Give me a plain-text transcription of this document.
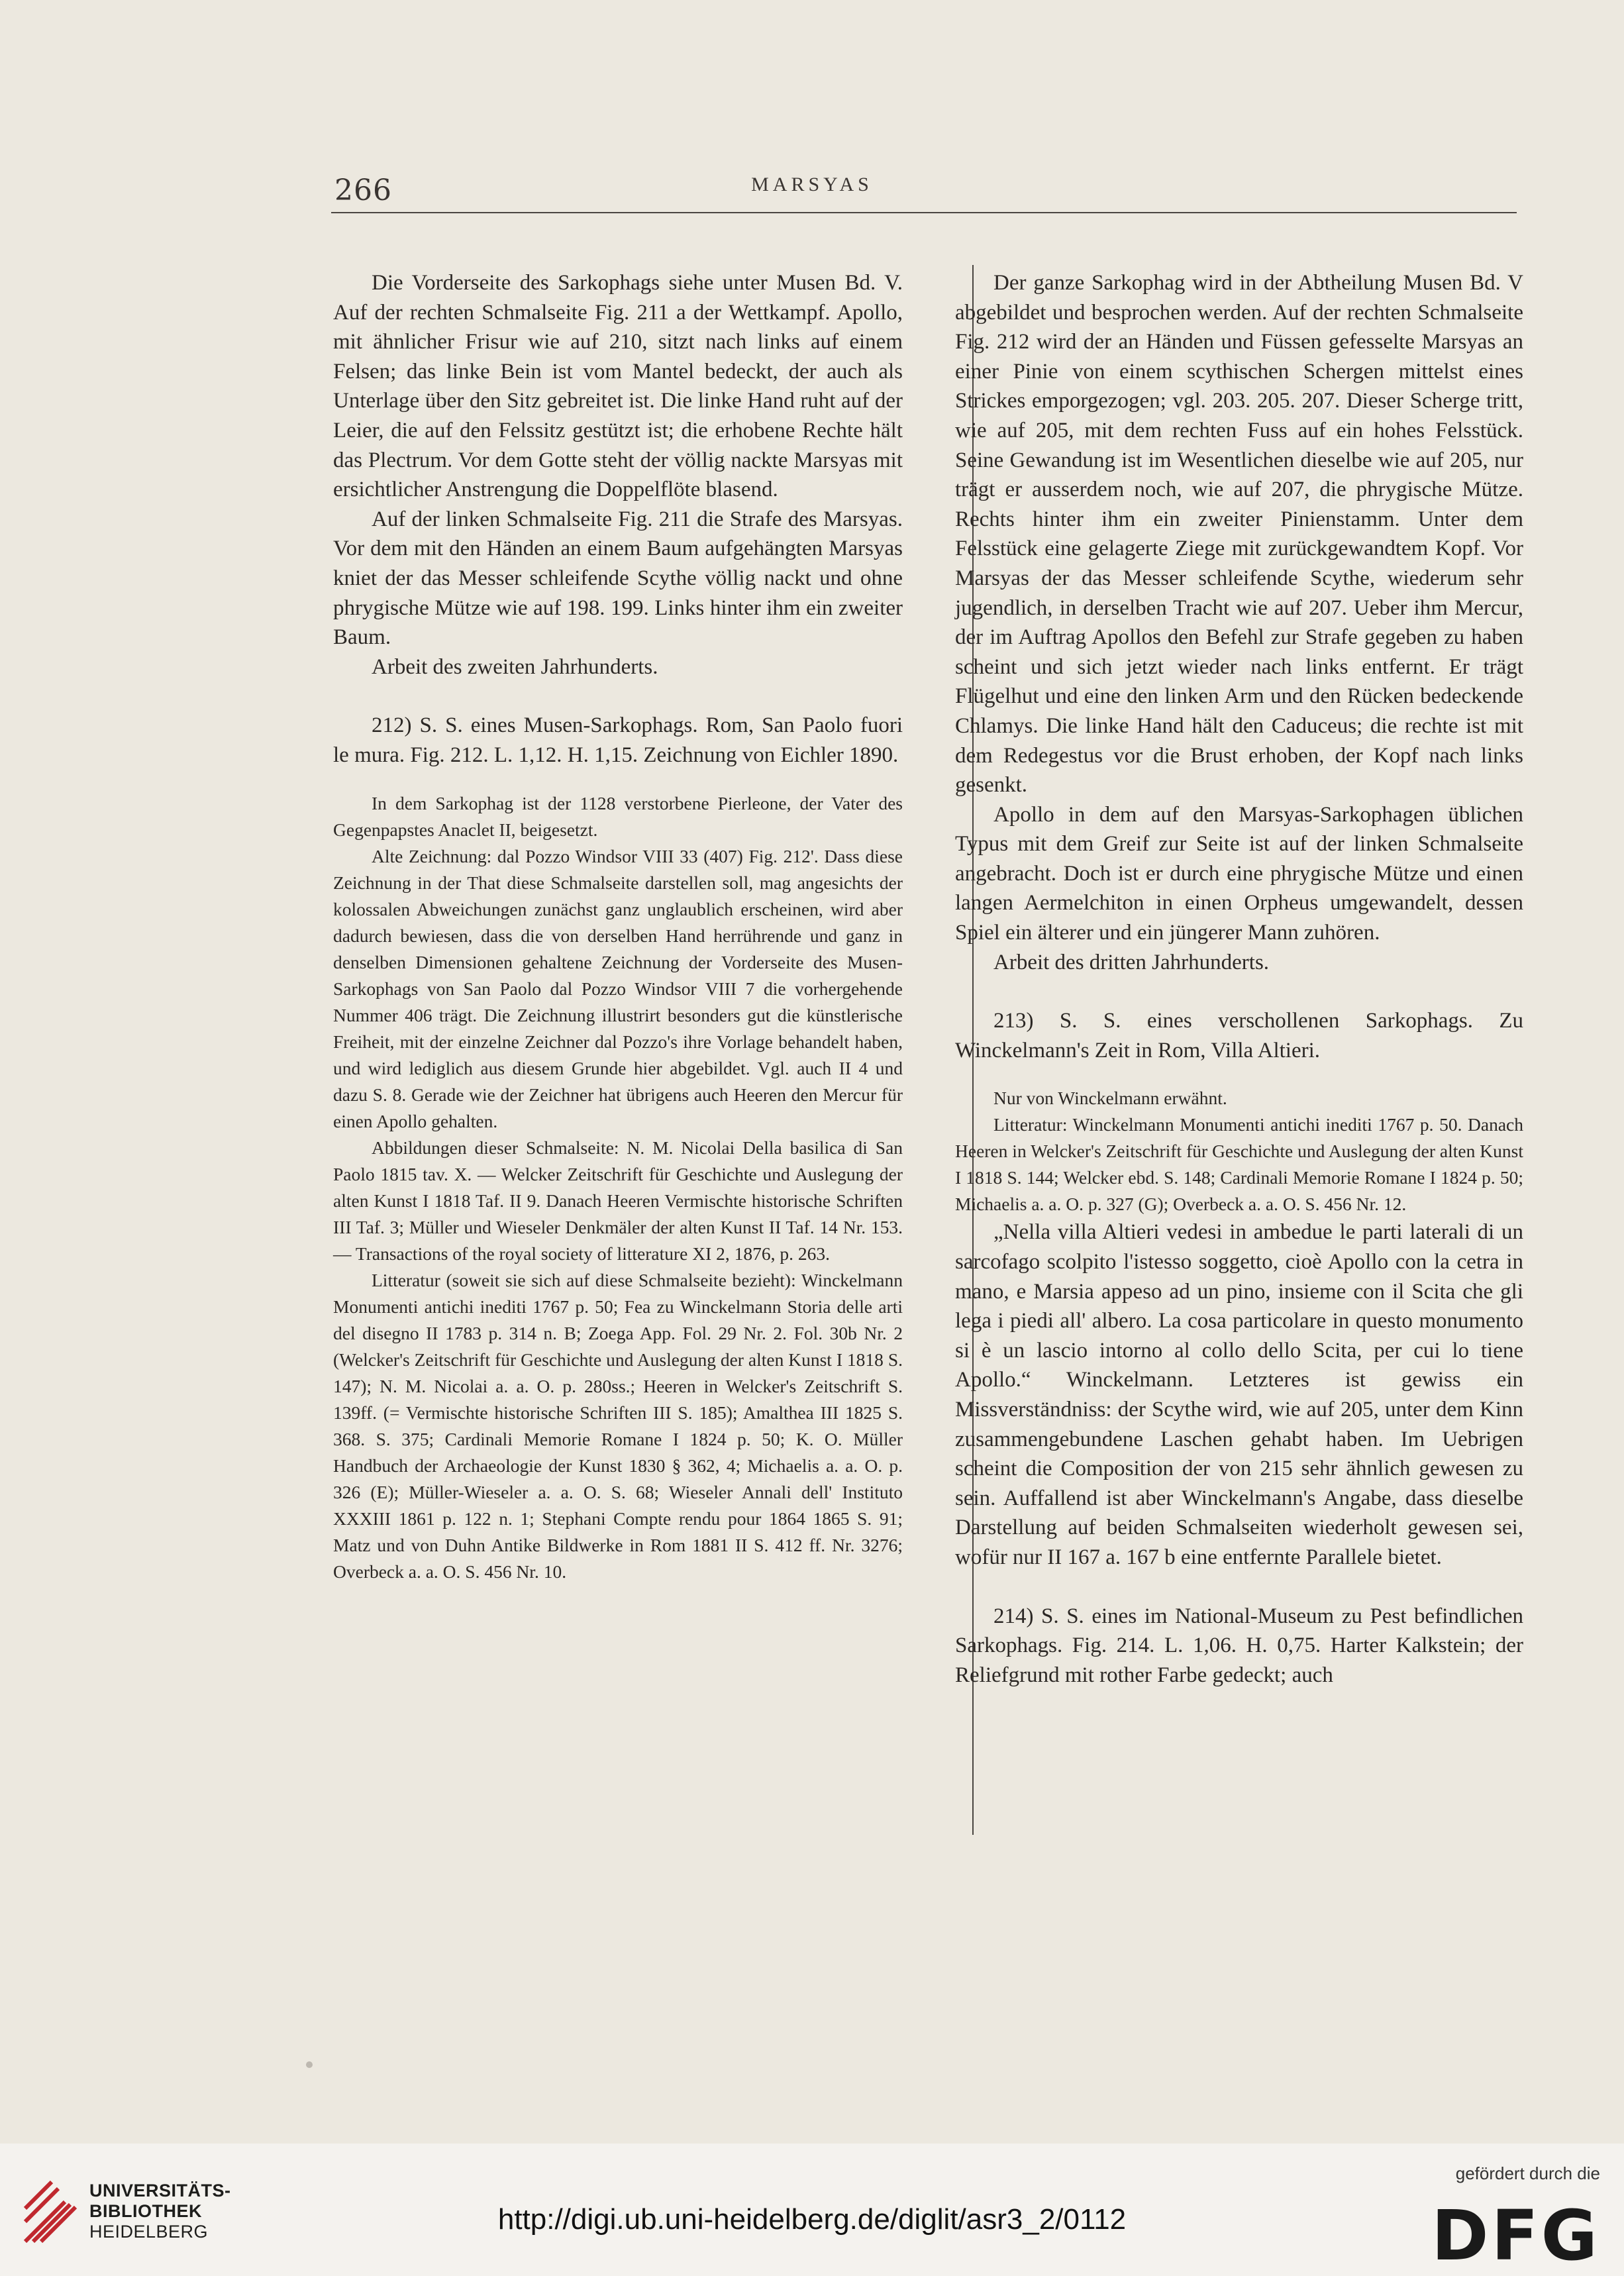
266	MARSYAS
Die Vorderseite des Sarkophags siehe unter Musen Bd. V. Auf der rechten Schmalseite Fig. 211 a der Wettkampf. Apollo, mit ähnlicher Frisur wie auf 210, sitzt nach links auf einem Felsen; das linke Bein ist vom Mantel bedeckt, der auch als Unterlage über den Sitz gebreitet ist. Die linke Hand ruht auf der Leier, die auf den Felssitz gestützt ist; die erhobene Rechte hält das Plectrum. Vor dem Gotte steht der völlig nackte Marsyas mit ersichtlicher Anstrengung die Doppelflöte blasend.
Auf der linken Schmalseite Fig. 211 die Strafe des Marsyas. Vor dem mit den Händen an einem Baum aufgehängten Marsyas kniet der das Messer schleifende Scythe völlig nackt und ohne phrygische Mütze wie auf 198. 199. Links hinter ihm ein zweiter Baum.
Arbeit des zweiten Jahrhunderts.
212) S. S. eines Musen-Sarkophags. Rom, San Paolo fuori le mura. Fig. 212. L. 1,12. H. 1,15. Zeichnung von Eichler 1890.
In dem Sarkophag ist der 1128 verstorbene Pierleone, der Vater des Gegenpapstes Anaclet II, beigesetzt.
Alte Zeichnung: dal Pozzo Windsor VIII 33 (407) Fig. 212'. Dass diese Zeichnung in der That diese Schmalseite darstellen soll, mag angesichts der kolossalen Abweichungen zunächst ganz unglaublich erscheinen, wird aber dadurch bewiesen, dass die von derselben Hand herrührende und ganz in denselben Dimensionen gehaltene Zeichnung der Vorderseite des Musen-Sarkophags von San Paolo dal Pozzo Windsor VIII 7 die vorhergehende Nummer 406 trägt. Die Zeichnung illustrirt besonders gut die künstlerische Freiheit, mit der einzelne Zeichner dal Pozzo's ihre Vorlage behandelt haben, und wird lediglich aus diesem Grunde hier abgebildet. Vgl. auch II 4 und dazu S. 8. Gerade wie der Zeichner hat übrigens auch Heeren den Mercur für einen Apollo gehalten.
Abbildungen dieser Schmalseite: N. M. Nicolai Della basilica di San Paolo 1815 tav. X. — Welcker Zeitschrift für Geschichte und Auslegung der alten Kunst I 1818 Taf. II 9. Danach Heeren Vermischte historische Schriften III Taf. 3; Müller und Wieseler Denkmäler der alten Kunst II Taf. 14 Nr. 153. — Transactions of the royal society of litterature XI 2, 1876, p. 263.
Litteratur (soweit sie sich auf diese Schmalseite bezieht): Winckelmann Monumenti antichi inediti 1767 p. 50; Fea zu Winckelmann Storia delle arti del disegno II 1783 p. 314 n. B; Zoega App. Fol. 29 Nr. 2. Fol. 30b Nr. 2 (Welcker's Zeitschrift für Geschichte und Auslegung der alten Kunst I 1818 S. 147); N. M. Nicolai a. a. O. p. 280ss.; Heeren in Welcker's Zeitschrift S. 139ff. (= Vermischte historische Schriften III S. 185); Amalthea III 1825 S. 368. S. 375; Cardinali Memorie Romane I 1824 p. 50; K. O. Müller Handbuch der Archaeologie der Kunst 1830 § 362, 4; Michaelis a. a. O. p. 326 (E); Müller-Wieseler a. a. O. S. 68; Wieseler Annali dell' Instituto XXXIII 1861 p. 122 n. 1; Stephani Compte rendu pour 1864 1865 S. 91; Matz und von Duhn Antike Bildwerke in Rom 1881 II S. 412 ff. Nr. 3276; Overbeck a. a. O. S. 456 Nr. 10.
Der ganze Sarkophag wird in der Abtheilung Musen Bd. V abgebildet und besprochen werden. Auf der rechten Schmalseite Fig. 212 wird der an Händen und Füssen gefesselte Marsyas an einer Pinie von einem scythischen Schergen mittelst eines Strickes emporgezogen; vgl. 203. 205. 207. Dieser Scherge tritt, wie auf 205, mit dem rechten Fuss auf ein hohes Felsstück. Seine Gewandung ist im Wesentlichen dieselbe wie auf 205, nur trägt er ausserdem noch, wie auf 207, die phrygische Mütze. Rechts hinter ihm ein zweiter Pinienstamm. Unter dem Felsstück eine gelagerte Ziege mit zurückgewandtem Kopf. Vor Marsyas der das Messer schleifende Scythe, wiederum sehr jugendlich, in derselben Tracht wie auf 207. Ueber ihm Mercur, der im Auftrag Apollos den Befehl zur Strafe gegeben zu haben scheint und sich jetzt wieder nach links entfernt. Er trägt Flügelhut und eine den linken Arm und den Rücken bedeckende Chlamys. Die linke Hand hält den Caduceus; die rechte ist mit dem Redegestus vor die Brust erhoben, der Kopf nach links gesenkt.
Apollo in dem auf den Marsyas-Sarkophagen üblichen Typus mit dem Greif zur Seite ist auf der linken Schmalseite angebracht. Doch ist er durch eine phrygische Mütze und einen langen Aermelchiton in einen Orpheus umgewandelt, dessen Spiel ein älterer und ein jüngerer Mann zuhören.
Arbeit des dritten Jahrhunderts.
213) S. S. eines verschollenen Sarkophags. Zu Winckelmann's Zeit in Rom, Villa Altieri.
Nur von Winckelmann erwähnt.
Litteratur: Winckelmann Monumenti antichi inediti 1767 p. 50. Danach Heeren in Welcker's Zeitschrift für Geschichte und Auslegung der alten Kunst I 1818 S. 144; Welcker ebd. S. 148; Cardinali Memorie Romane I 1824 p. 50; Michaelis a. a. O. p. 327 (G); Overbeck a. a. O. S. 456 Nr. 12.
„Nella villa Altieri vedesi in ambedue le parti laterali di un sarcofago scolpito l'istesso soggetto, cioè Apollo con la cetra in mano, e Marsia appeso ad un pino, insieme con il Scita che gli lega i piedi all' albero. La cosa particolare in questo monumento si è un lascio intorno al collo dello Scita, per cui lo tiene Apollo.“ Winckelmann. Letzteres ist gewiss ein Missverständniss: der Scythe wird, wie auf 205, unter dem Kinn zusammengebundene Laschen gehabt haben. Im Uebrigen scheint die Composition der von 215 sehr ähnlich gewesen zu sein. Auffallend ist aber Winckelmann's Angabe, dass dieselbe Darstellung auf beiden Schmalseiten wiederholt gewesen sei, wofür nur II 167 a. 167 b eine entfernte Parallele bietet.
214) S. S. eines im National-Museum zu Pest befindlichen Sarkophags. Fig. 214. L. 1,06. H. 0,75. Harter Kalkstein; der Reliefgrund mit rother Farbe gedeckt; auch
UNIVERSITÄTS-
BIBLIOTHEK
HEIDELBERG	http://digi.ub.uni-heidelberg.de/diglit/asr3_2/0112
gefördert durch die
DFG
